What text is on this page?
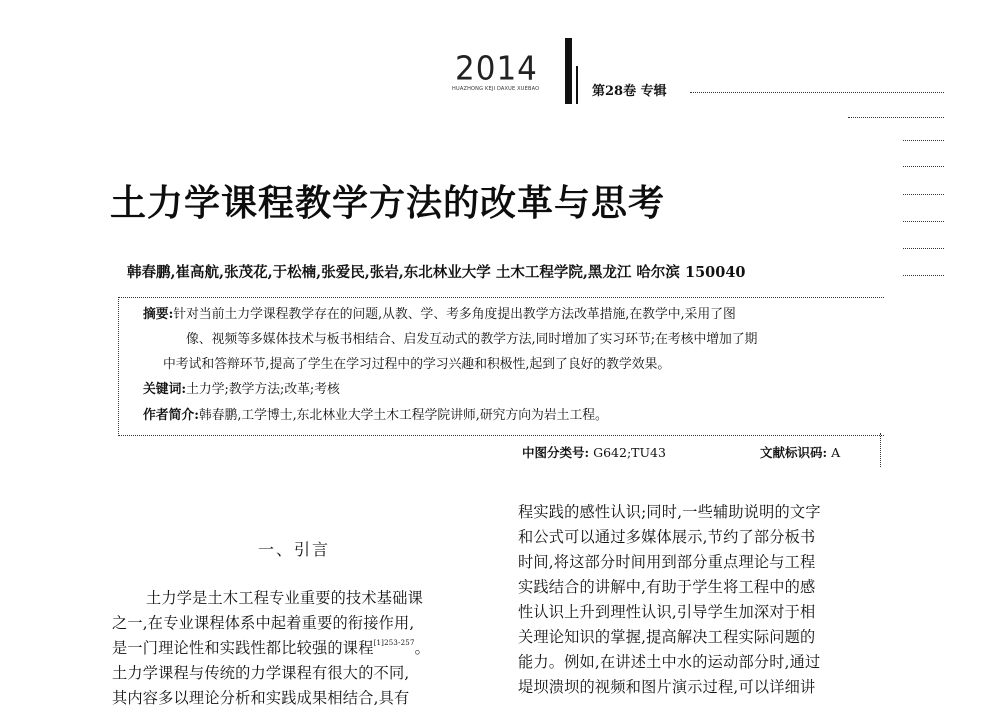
2014
HUAZHONG KEJI DAXUE XUEBAO	第28卷 专辑
土力学课程教学方法的改革与思考
韩春鹏,崔高航,张茂花,于松楠,张爱民,张岩,东北林业大学 土木工程学院,黑龙江 哈尔滨 150040
摘要:针对当前土力学课程教学存在的问题,从教、学、考多角度提出教学方法改革措施,在教学中,采用了图
像、视频等多媒体技术与板书相结合、启发互动式的教学方法,同时增加了实习环节;在考核中增加了期
中考试和答辩环节,提高了学生在学习过程中的学习兴趣和积极性,起到了良好的教学效果。
关键词:土力学;教学方法;改革;考核
作者简介:韩春鹏,工学博士,东北林业大学土木工程学院讲师,研究方向为岩土工程。
中图分类号: G642;TU43	文献标识码: A
一、引言
土力学是土木工程专业重要的技术基础课
之一,在专业课程体系中起着重要的衔接作用,
是一门理论性和实践性都比较强的课程$^{[1]253-257}$。
土力学课程与传统的力学课程有很大的不同,
其内容多以理论分析和实践成果相结合,具有
程实践的感性认识;同时,一些辅助说明的文字
和公式可以通过多媒体展示,节约了部分板书
时间,将这部分时间用到部分重点理论与工程
实践结合的讲解中,有助于学生将工程中的感
性认识上升到理性认识,引导学生加深对于相
关理论知识的掌握,提高解决工程实际问题的
能力。例如,在讲述土中水的运动部分时,通过
堤坝溃坝的视频和图片演示过程,可以详细讲
